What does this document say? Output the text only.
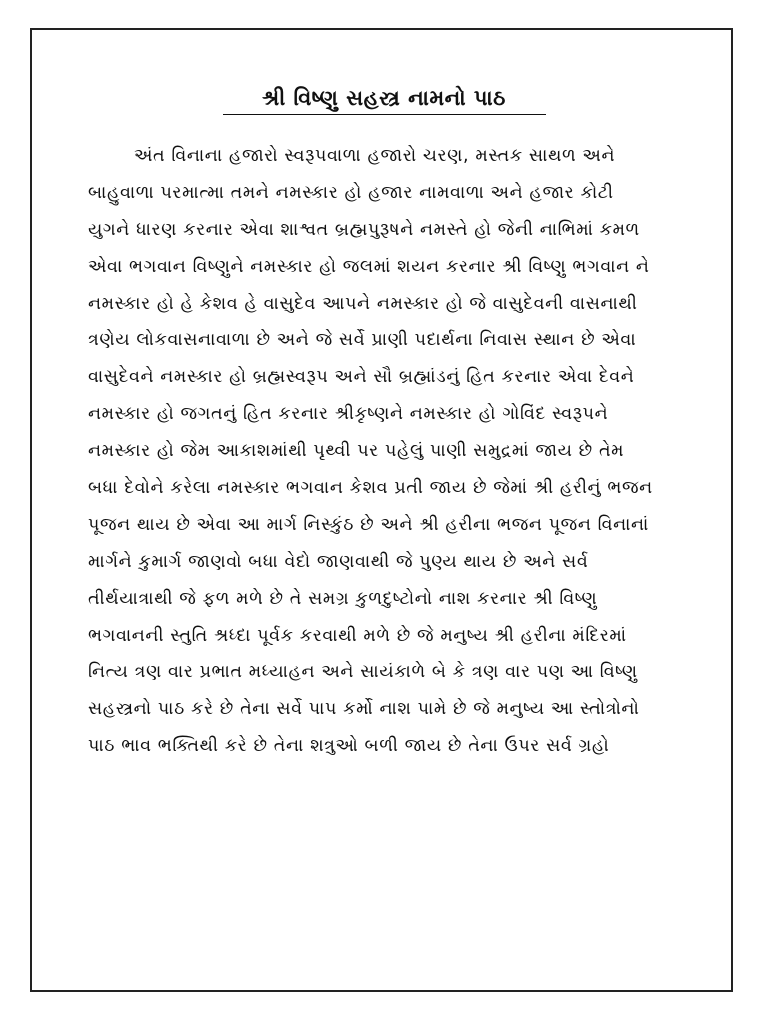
શ્રી વિષ્ણુ સહસ્ત્ર નામનો પાઠ
અંત વિનાના હજારો સ્વરૂપવાળા હજારો ચરણ, મસ્તક સાથળ અને
બાહુવાળા પરમાત્મા તમને નમસ્કાર હો હજાર નામવાળા અને હજાર કોટી
યુગને ધારણ કરનાર એવા શાશ્વત બ્રહ્મપુરૂષને નમસ્તે હો જેની નાભિમાં કમળ
એવા ભગવાન વિષ્ણુને નમસ્કાર હો જલમાં શયન કરનાર શ્રી વિષ્ણુ ભગવાન ને
નમસ્કાર હો હે કેશવ હે વાસુદેવ આપને નમસ્કાર હો જે વાસુદેવની વાસનાથી
ત્રણેય લોકવાસનાવાળા છે અને જે સર્વે પ્રાણી પદાર્થના નિવાસ સ્થાન છે એવા
વાસુદેવને નમસ્કાર હો બ્રહ્મસ્વરૂપ અને સૌ બ્રહ્માંડનું હિત કરનાર એવા દેવને
નમસ્કાર હો જગતનું હિત કરનાર શ્રીકૃષ્ણને નમસ્કાર હો ગોવિંદ સ્વરૂપને
નમસ્કાર હો જેમ આકાશમાંથી પૃથ્વી પર પહેલું પાણી સમુદ્રમાં જાય છે તેમ
બધા દેવોને કરેલા નમસ્કાર ભગવાન કેશવ પ્રતી જાય છે જેમાં શ્રી હરીનું ભજન
પૂજન થાય છે એવા આ માર્ગ નિસ્કુંઠ છે અને શ્રી હરીના ભજન પૂજન વિનાનાં
માર્ગને કુમાર્ગ જાણવો બધા વેદો જાણવાથી જે પુણ્ય થાય છે અને સર્વ
તીર્થયાત્રાથી જે ફળ મળે છે તે સમગ્ર કુળદુષ્ટોનો નાશ કરનાર શ્રી વિષ્ણુ
ભગવાનની સ્તુતિ શ્રધ્દા પૂર્વક કરવાથી મળે છે જે મનુષ્ય શ્રી હરીના મંદિરમાં
નિત્ય ત્રણ વાર પ્રભાત મધ્યાહન અને સાયંકાળે બે કે ત્રણ વાર પણ આ વિષ્ણુ
સહસ્ત્રનો પાઠ કરે છે તેના સર્વે પાપ કર્મો નાશ પામે છે જે મનુષ્ય આ સ્તોત્રોનો
પાઠ ભાવ ભક્તિથી કરે છે તેના શત્રુઓ બળી જાય છે તેના ઉપર સર્વ ગ્રહો
